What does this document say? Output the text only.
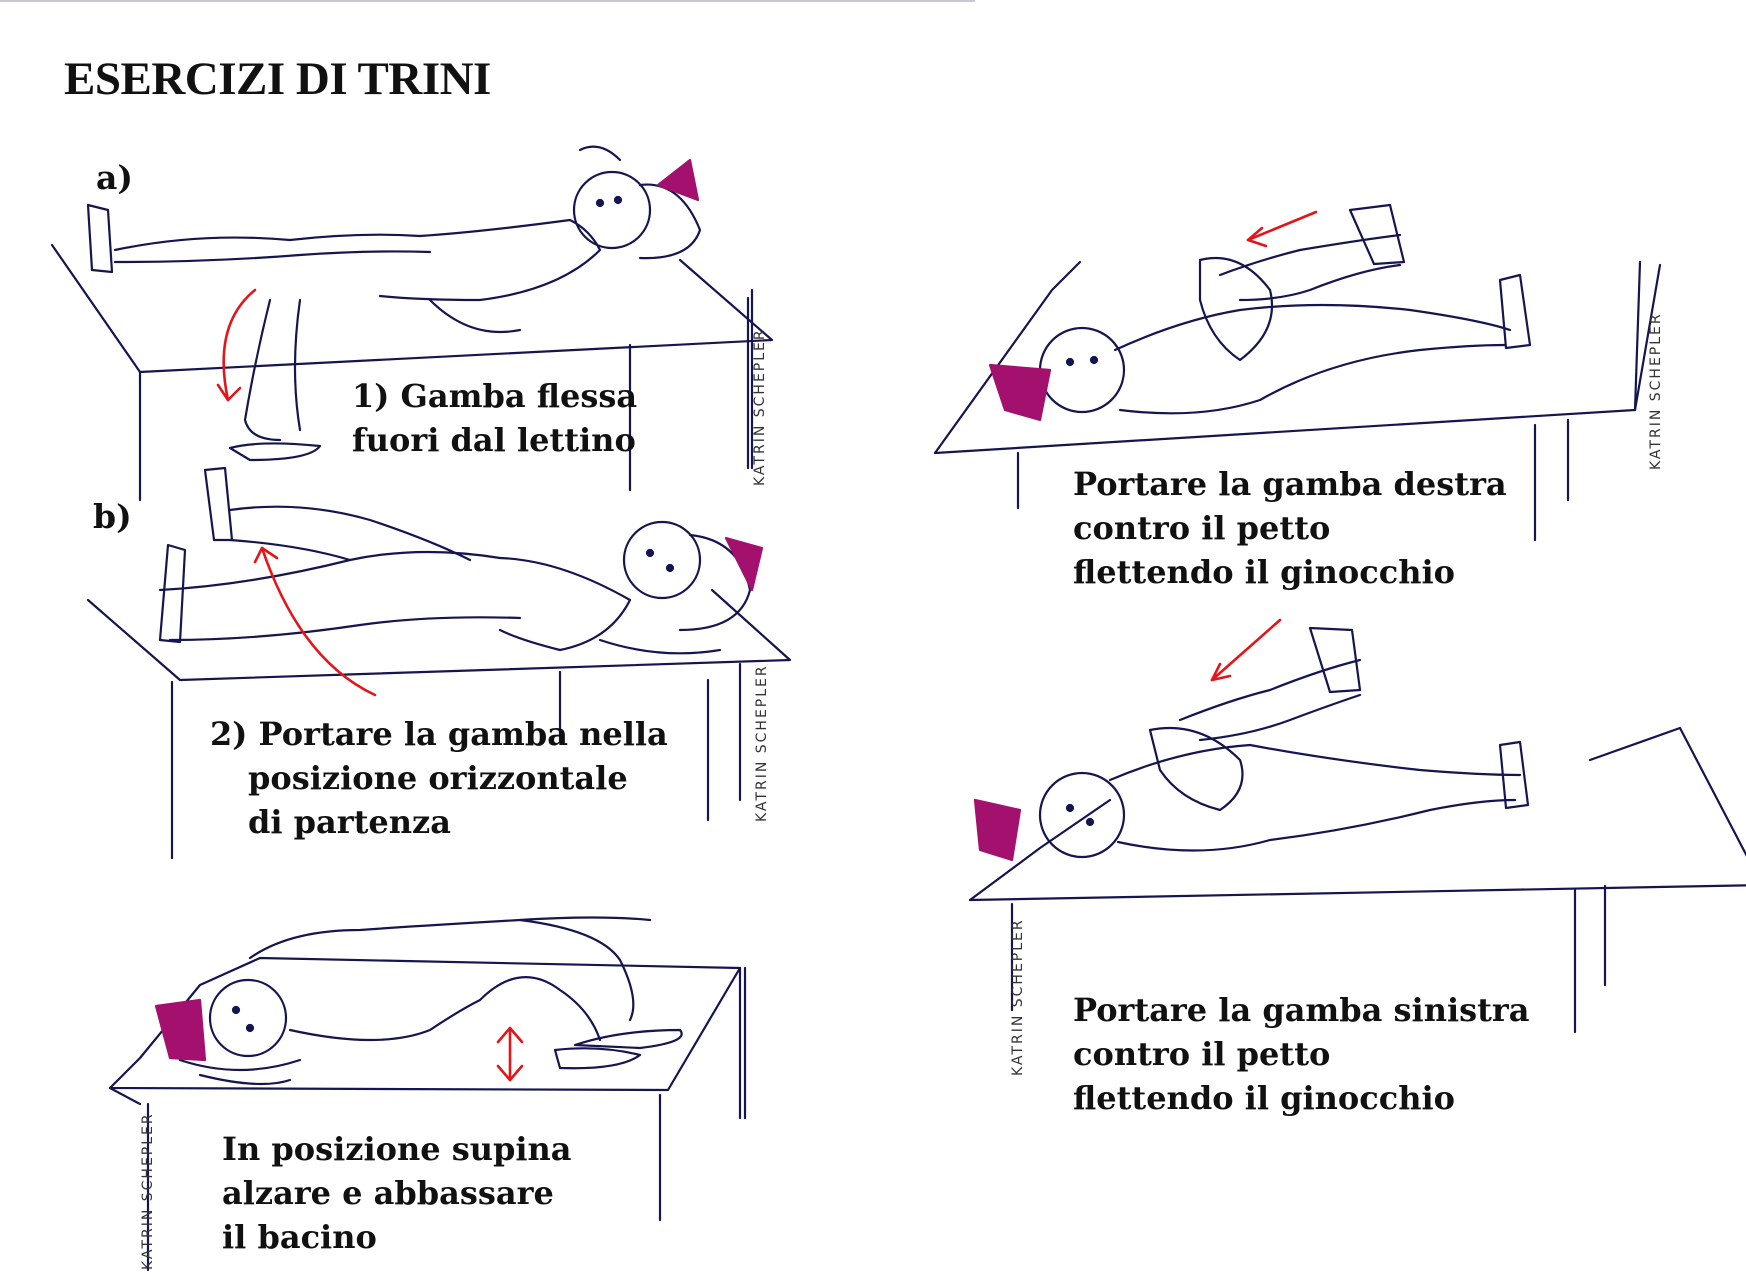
ESERCIZI DI TRINI
a)
b)
1) Gamba flessa
fuori dal lettino
2) Portare la gamba nella
posizione orizzontale
di partenza
In posizione supina
alzare e abbassare
il bacino
Portare la gamba destra
contro il petto
flettendo il ginocchio
Portare la gamba sinistra
contro il petto
flettendo il ginocchio
KATRIN SCHEPLER
KATRIN SCHEPLER
KATRIN SCHEPLER
KATRIN SCHEPLER
KATRIN SCHEPLER
